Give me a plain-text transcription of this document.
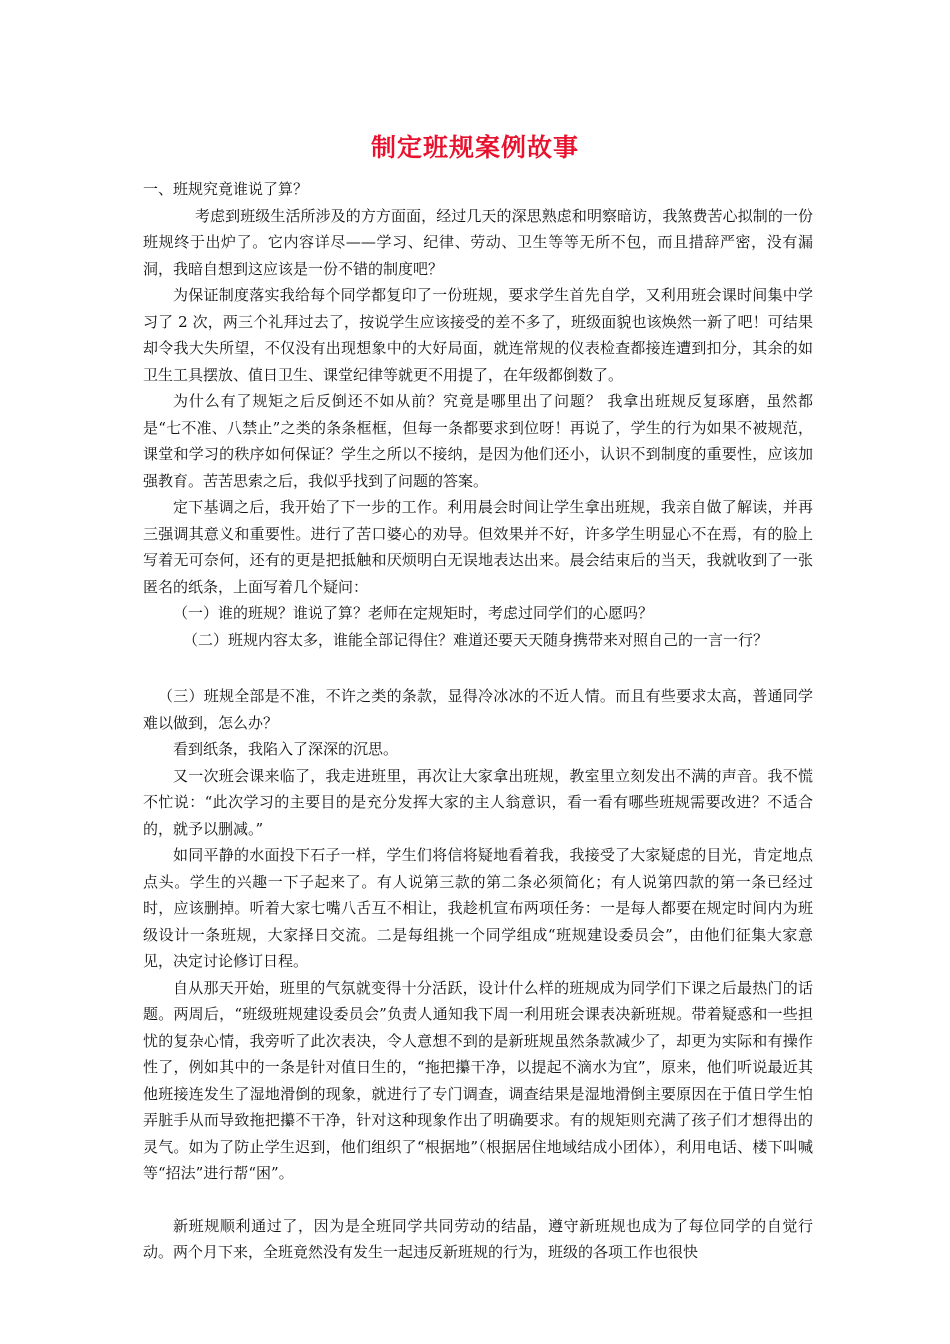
制定班规案例故事

一、班规究竟谁说了算？

考虑到班级生活所涉及的方方面面，经过几天的深思熟虑和明察暗访，我煞费苦心拟制的一份班规终于出炉了。它内容详尽——学习、纪律、劳动、卫生等等无所不包，而且措辞严密，没有漏洞，我暗自想到这应该是一份不错的制度吧？

为保证制度落实我给每个同学都复印了一份班规，要求学生首先自学，又利用班会课时间集中学习了 2 次，两三个礼拜过去了，按说学生应该接受的差不多了，班级面貌也该焕然一新了吧！可结果却令我大失所望，不仅没有出现想象中的大好局面，就连常规的仪表检查都接连遭到扣分，其余的如卫生工具摆放、值日卫生、课堂纪律等就更不用提了，在年级都倒数了。

为什么有了规矩之后反倒还不如从前？究竟是哪里出了问题？ 我拿出班规反复琢磨，虽然都是“七不准、八禁止”之类的条条框框，但每一条都要求到位呀！再说了，学生的行为如果不被规范，课堂和学习的秩序如何保证？学生之所以不接纳，是因为他们还小，认识不到制度的重要性，应该加强教育。苦苦思索之后，我似乎找到了问题的答案。

定下基调之后，我开始了下一步的工作。利用晨会时间让学生拿出班规，我亲自做了解读，并再三强调其意义和重要性。进行了苦口婆心的劝导。但效果并不好，许多学生明显心不在焉，有的脸上写着无可奈何，还有的更是把抵触和厌烦明白无误地表达出来。晨会结束后的当天，我就收到了一张匿名的纸条，上面写着几个疑问：

（一）谁的班规？谁说了算？老师在定规矩时，考虑过同学们的心愿吗？

（二）班规内容太多，谁能全部记得住？难道还要天天随身携带来对照自己的一言一行？

（三）班规全部是不准，不许之类的条款，显得冷冰冰的不近人情。而且有些要求太高，普通同学难以做到，怎么办？

看到纸条，我陷入了深深的沉思。

又一次班会课来临了，我走进班里，再次让大家拿出班规，教室里立刻发出不满的声音。我不慌不忙说：“此次学习的主要目的是充分发挥大家的主人翁意识，看一看有哪些班规需要改进？不适合的，就予以删减。”

如同平静的水面投下石子一样，学生们将信将疑地看着我，我接受了大家疑虑的目光，肯定地点点头。学生的兴趣一下子起来了。有人说第三款的第二条必须简化；有人说第四款的第一条已经过时，应该删掉。听着大家七嘴八舌互不相让，我趁机宣布两项任务：一是每人都要在规定时间内为班级设计一条班规，大家择日交流。二是每组挑一个同学组成“班规建设委员会”，由他们征集大家意见，决定讨论修订日程。

自从那天开始，班里的气氛就变得十分活跃，设计什么样的班规成为同学们下课之后最热门的话题。两周后，“班级班规建设委员会”负责人通知我下周一利用班会课表决新班规。带着疑惑和一些担忧的复杂心情，我旁听了此次表决，令人意想不到的是新班规虽然条款减少了，却更为实际和有操作性了，例如其中的一条是针对值日生的，“拖把攥干净，以提起不滴水为宜”，原来，他们听说最近其他班接连发生了湿地滑倒的现象，就进行了专门调查，调查结果是湿地滑倒主要原因在于值日学生怕弄脏手从而导致拖把攥不干净，针对这种现象作出了明确要求。有的规矩则充满了孩子们才想得出的灵气。如为了防止学生迟到，他们组织了“根据地”（根据居住地域结成小团体），利用电话、楼下叫喊等“招法”进行帮“困”。

新班规顺利通过了，因为是全班同学共同劳动的结晶，遵守新班规也成为了每位同学的自觉行动。两个月下来，全班竟然没有发生一起违反新班规的行为，班级的各项工作也很快
